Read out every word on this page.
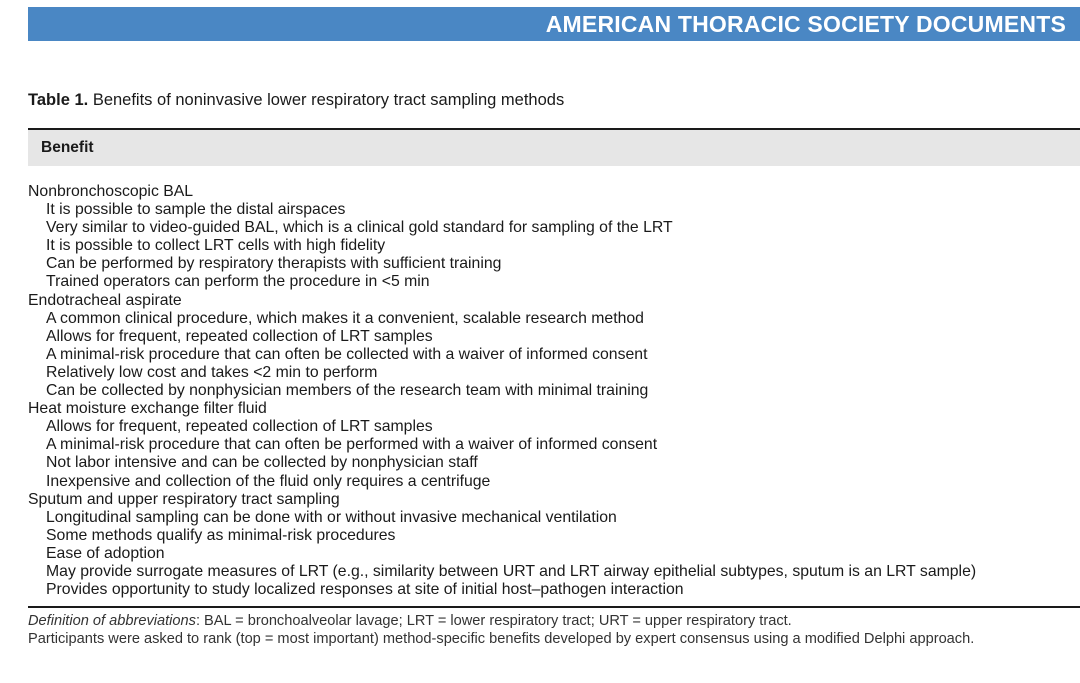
AMERICAN THORACIC SOCIETY DOCUMENTS
Table 1. Benefits of noninvasive lower respiratory tract sampling methods
Benefit
Nonbronchoscopic BAL
It is possible to sample the distal airspaces
Very similar to video-guided BAL, which is a clinical gold standard for sampling of the LRT
It is possible to collect LRT cells with high fidelity
Can be performed by respiratory therapists with sufficient training
Trained operators can perform the procedure in <5 min
Endotracheal aspirate
A common clinical procedure, which makes it a convenient, scalable research method
Allows for frequent, repeated collection of LRT samples
A minimal-risk procedure that can often be collected with a waiver of informed consent
Relatively low cost and takes <2 min to perform
Can be collected by nonphysician members of the research team with minimal training
Heat moisture exchange filter fluid
Allows for frequent, repeated collection of LRT samples
A minimal-risk procedure that can often be performed with a waiver of informed consent
Not labor intensive and can be collected by nonphysician staff
Inexpensive and collection of the fluid only requires a centrifuge
Sputum and upper respiratory tract sampling
Longitudinal sampling can be done with or without invasive mechanical ventilation
Some methods qualify as minimal-risk procedures
Ease of adoption
May provide surrogate measures of LRT (e.g., similarity between URT and LRT airway epithelial subtypes, sputum is an LRT sample)
Provides opportunity to study localized responses at site of initial host–pathogen interaction
Definition of abbreviations: BAL = bronchoalveolar lavage; LRT = lower respiratory tract; URT = upper respiratory tract.
Participants were asked to rank (top = most important) method-specific benefits developed by expert consensus using a modified Delphi approach.
